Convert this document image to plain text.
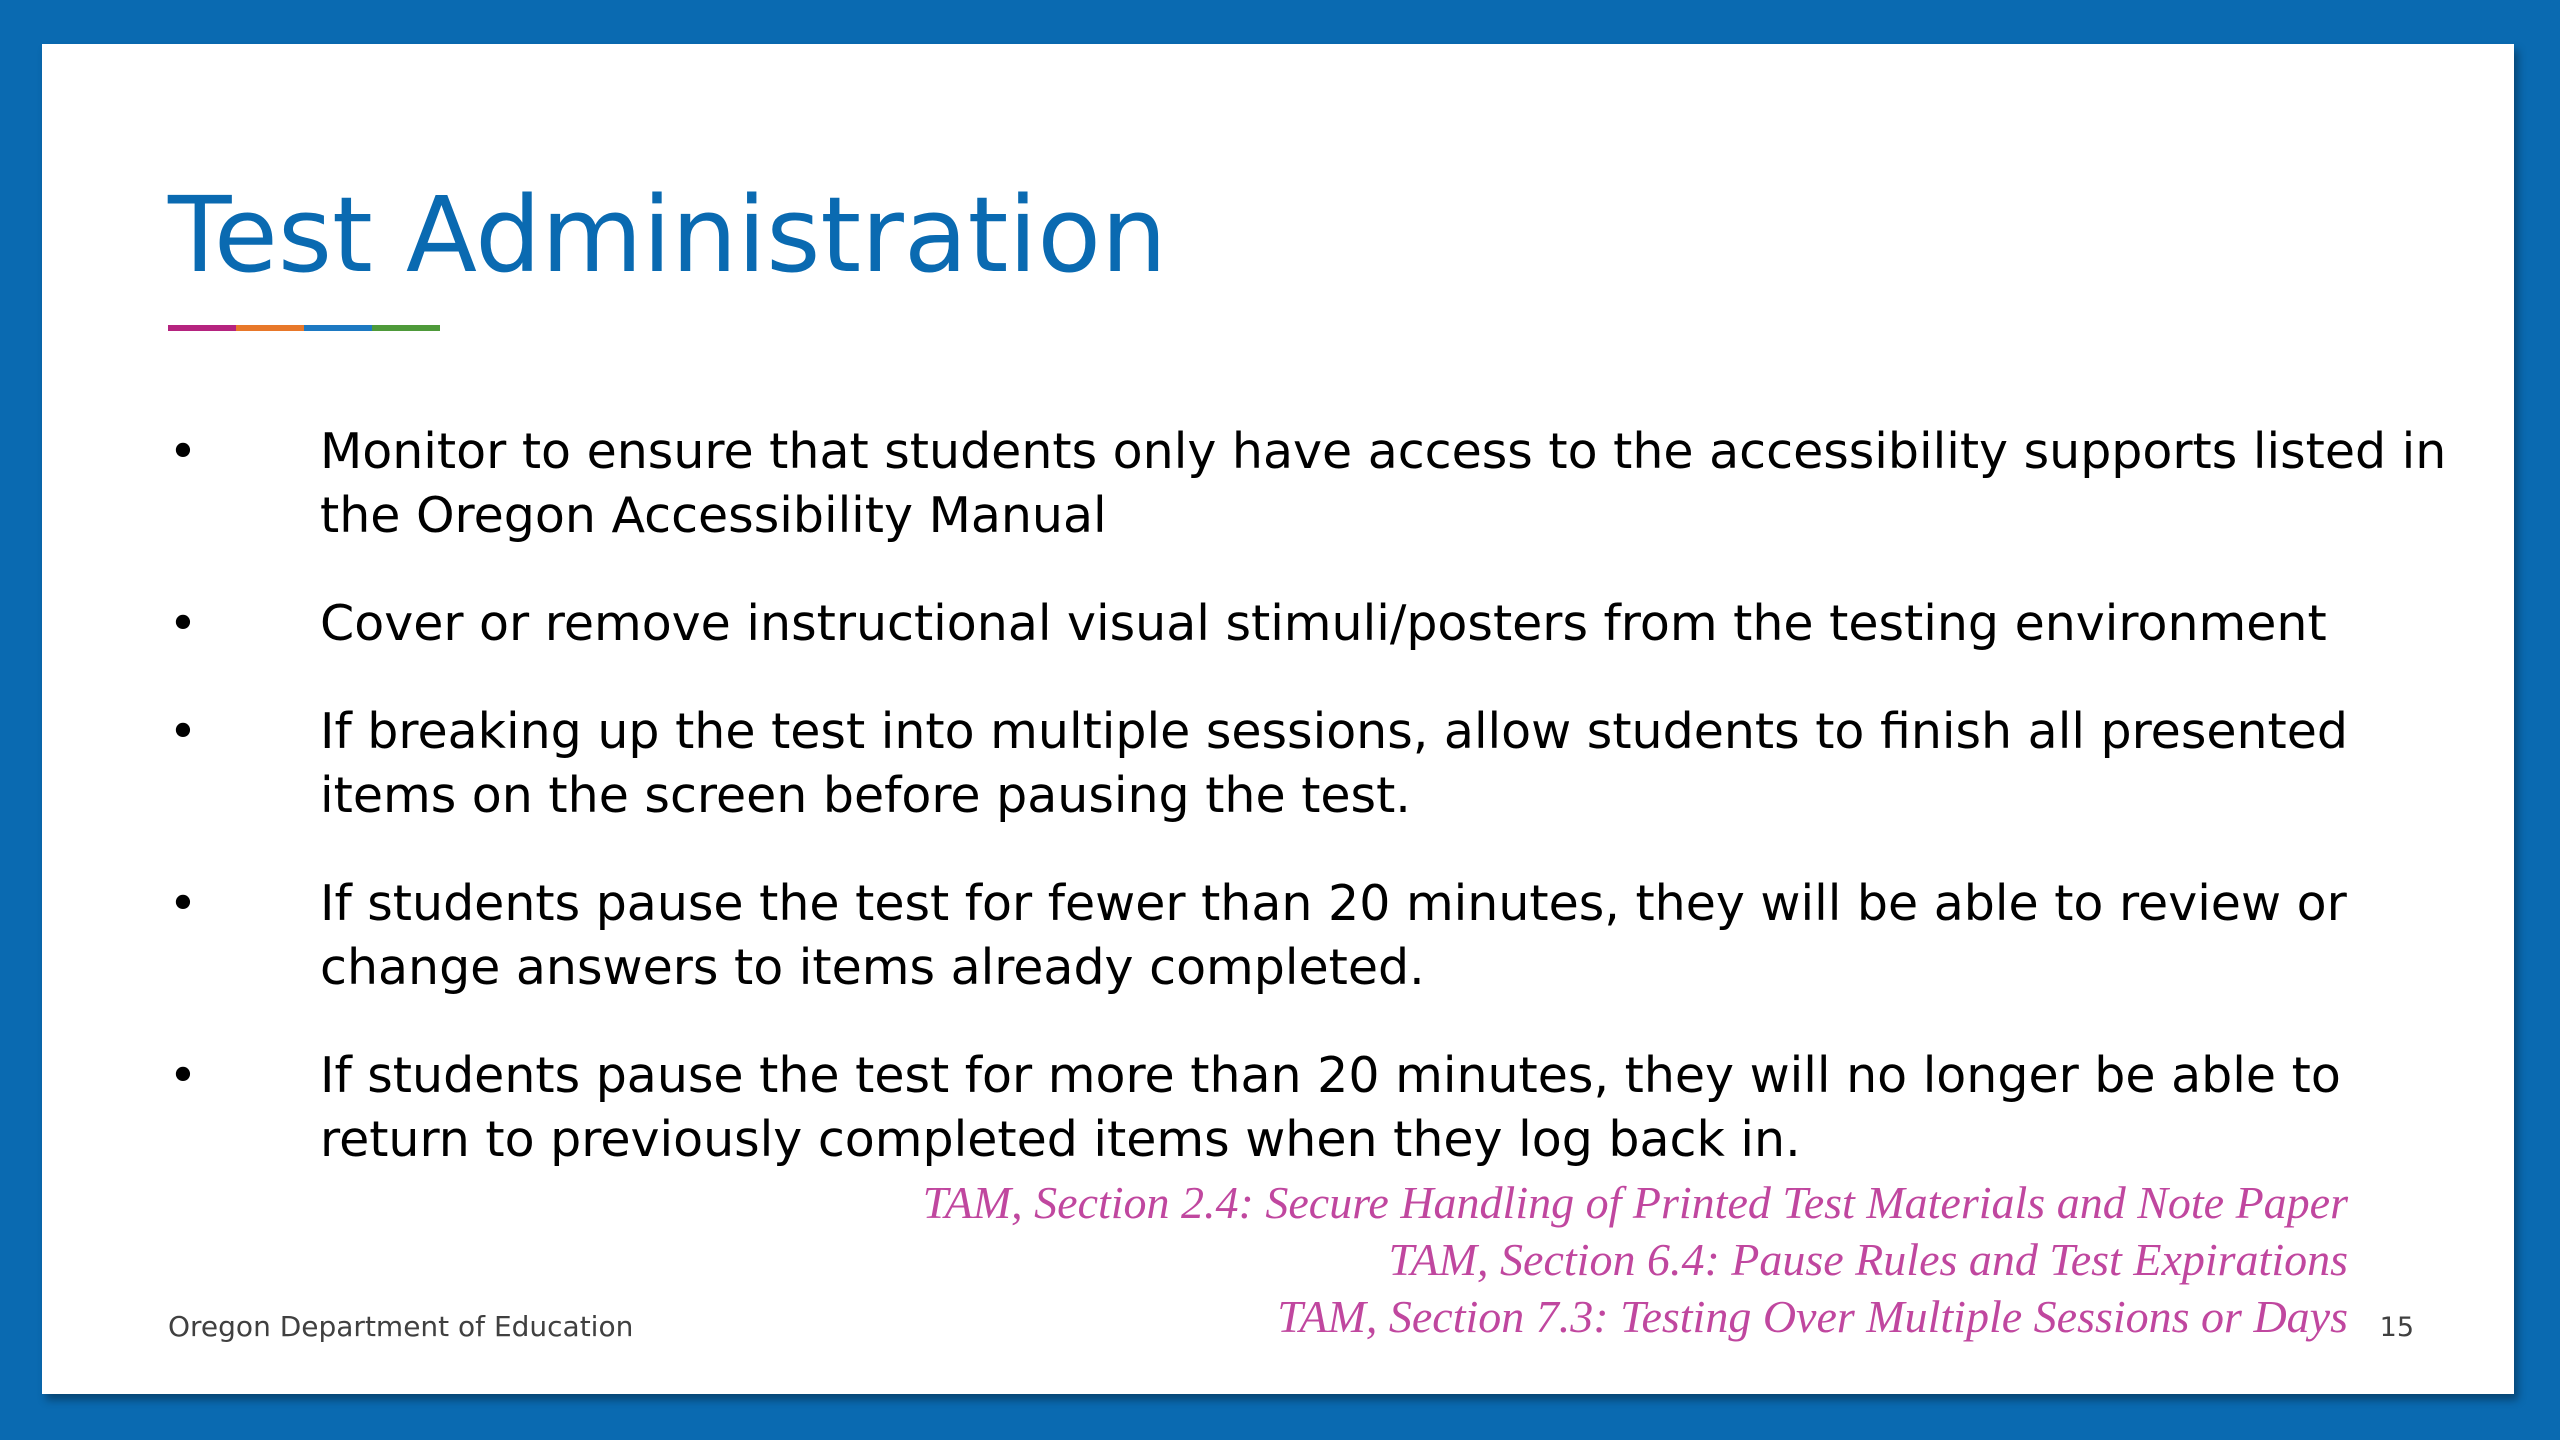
Test Administration
•	Monitor to ensure that students only have access to the accessibility supports listed in the Oregon Accessibility Manual
•	Cover or remove instructional visual stimuli/posters from the testing environment
•	If breaking up the test into multiple sessions, allow students to finish all presented items on the screen before pausing the test.
•	If students pause the test for fewer than 20 minutes, they will be able to review or change answers to items already completed.
•	If students pause the test for more than 20 minutes, they will no longer be able to return to previously completed items when they log back in.
TAM, Section 2.4: Secure Handling of Printed Test Materials and Note Paper
TAM, Section 6.4: Pause Rules and Test Expirations
TAM, Section 7.3: Testing Over Multiple Sessions or Days
Oregon Department of Education	15
